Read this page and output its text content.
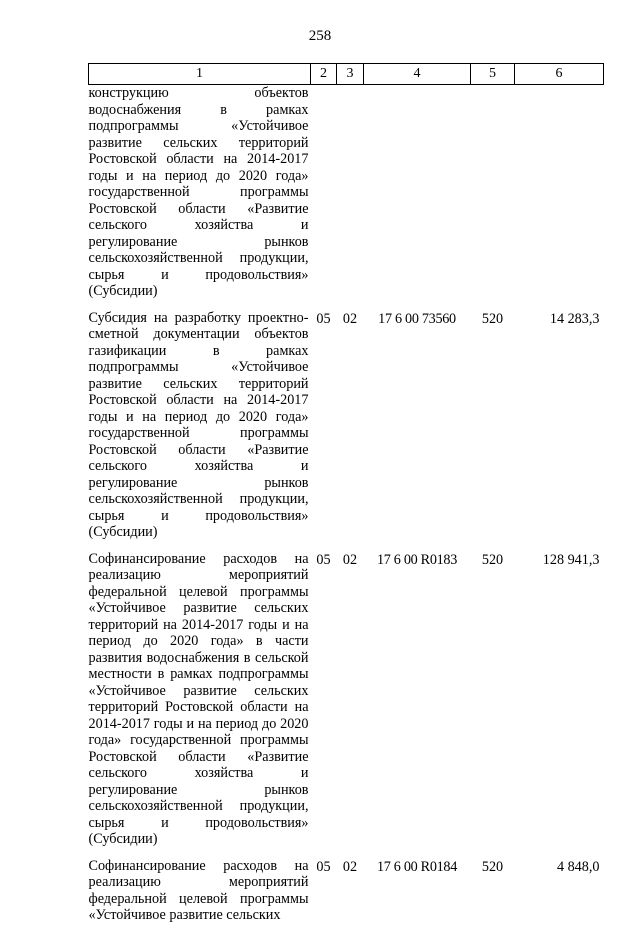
258
1	2	3	4	5	6
конструкцию объектов водоснабжения в рамках подпрограммы «Устойчивое развитие сельских территорий Ростовской области на 2014-2017 годы и на период до 2020 года» государственной программы Ростовской области «Развитие сельского хозяйства и регулирование рынков сельскохозяйственной продукции, сырья и продовольствия» (Субсидии)					
Субсидия на разработку проектно-сметной документации объектов газификации в рамках подпрограммы «Устойчивое развитие сельских территорий Ростовской области на 2014-2017 годы и на период до 2020 года» государственной программы Ростовской области «Развитие сельского хозяйства и регулирование рынков сельскохозяйственной продукции, сырья и продовольствия» (Субсидии)	05	02	17 6 00 73560	520	14 283,3
Софинансирование расходов на реализацию мероприятий федеральной целевой программы «Устойчивое развитие сельских территорий на 2014-2017 годы и на период до 2020 года» в части развития водоснабжения в сельской местности в рамках подпрограммы «Устойчивое развитие сельских территорий Ростовской области на 2014-2017 годы и на период до 2020 года» государственной программы Ростовской области «Развитие сельского хозяйства и регулирование рынков сельскохозяйственной продукции, сырья и продовольствия» (Субсидии)	05	02	17 6 00 R0183	520	128 941,3
Софинансирование расходов на реализацию мероприятий федеральной целевой программы «Устойчивое развитие сельских	05	02	17 6 00 R0184	520	4 848,0
